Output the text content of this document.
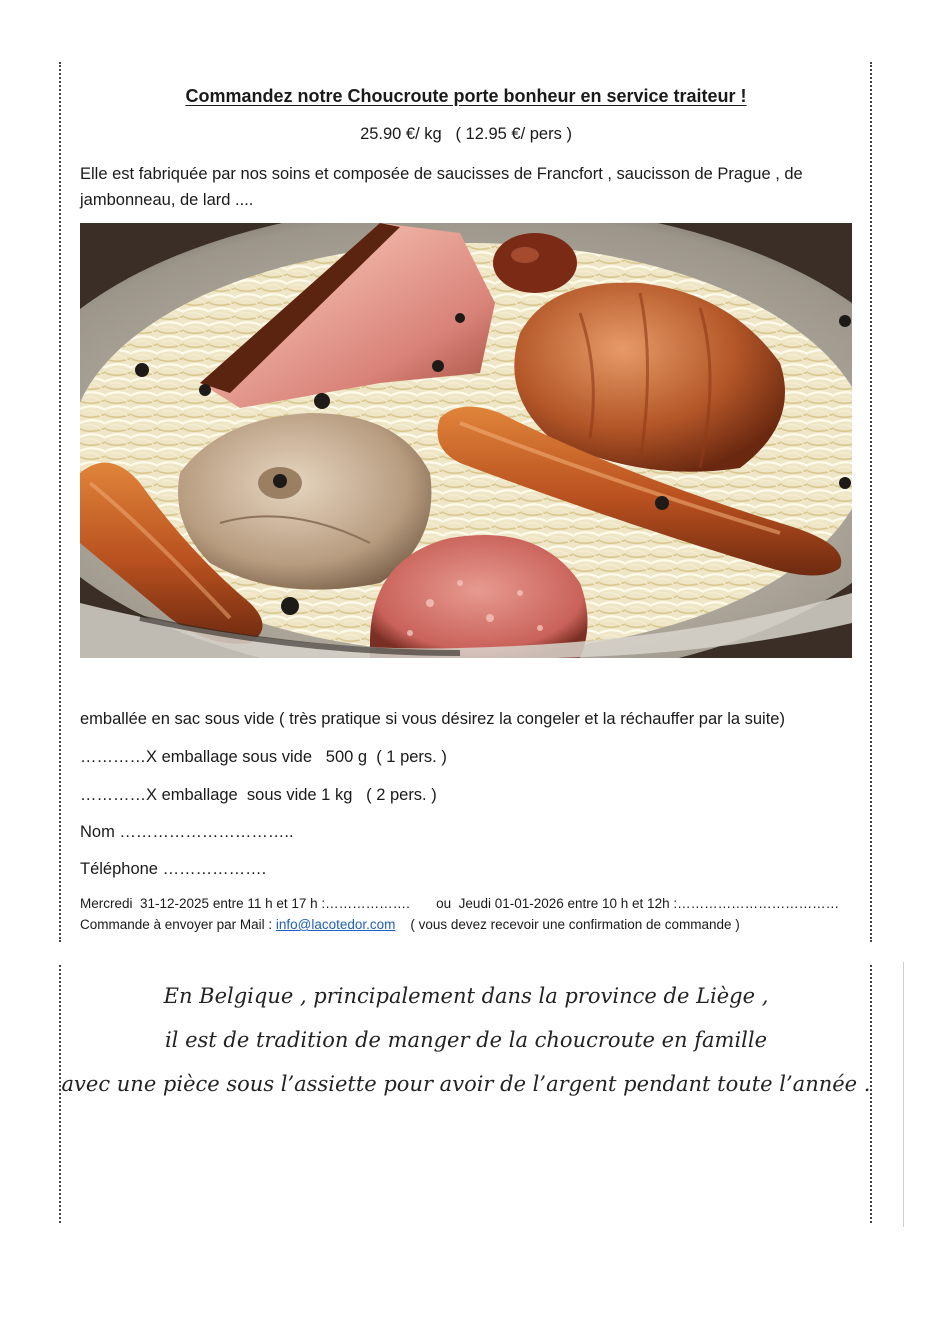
Commandez notre Choucroute porte bonheur en service traiteur !
25.90 €/ kg   ( 12.95 €/ pers )
Elle est fabriquée par nos soins et composée de saucisses de Francfort , saucisson de Prague , de jambonneau, de lard ....
emballée en sac sous vide ( très pratique si vous désirez la congeler et la réchauffer par la suite)
…………X emballage sous vide   500 g  ( 1 pers. )
…………X emballage  sous vide 1 kg   ( 2 pers. )
Nom …………………………..
Téléphone ……………….
Mercredi  31-12-2025 entre 11 h et 17 h :……………….       ou  Jeudi 01-01-2026 entre 10 h et 12h :………………………………
Commande à envoyer par Mail : info@lacotedor.com    ( vous devez recevoir une confirmation de commande )
En Belgique , principalement dans la province de Liège ,
il est de tradition de manger de la choucroute en famille
avec une pièce sous l’assiette pour avoir de l’argent pendant toute l’année .
